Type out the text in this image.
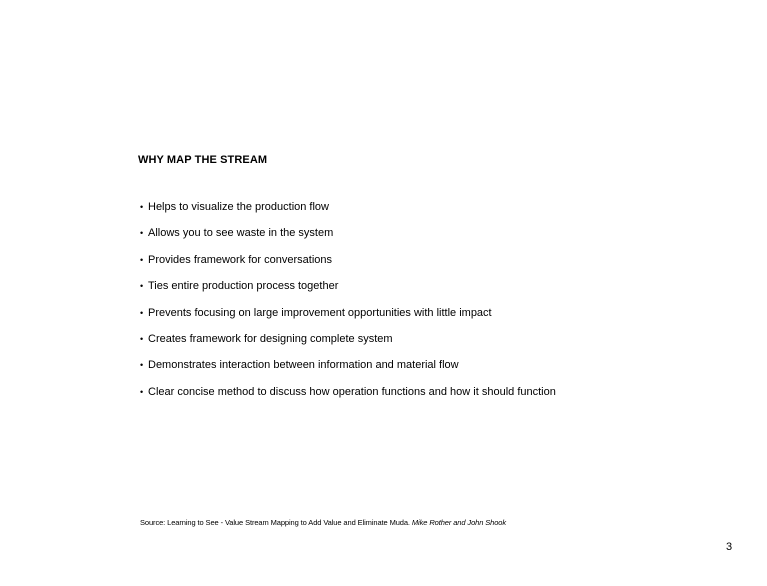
WHY MAP THE STREAM
• Helps to visualize the production flow
• Allows you to see waste in the system
• Provides framework for conversations
• Ties entire production process together
• Prevents focusing on large improvement opportunities with little impact
• Creates framework for designing complete system
• Demonstrates interaction between information and material flow
• Clear concise method to discuss how operation functions and how it should function
Source: Learning to See - Value Stream Mapping to Add Value and Eliminate Muda. Mike Rother and John Shook
3
